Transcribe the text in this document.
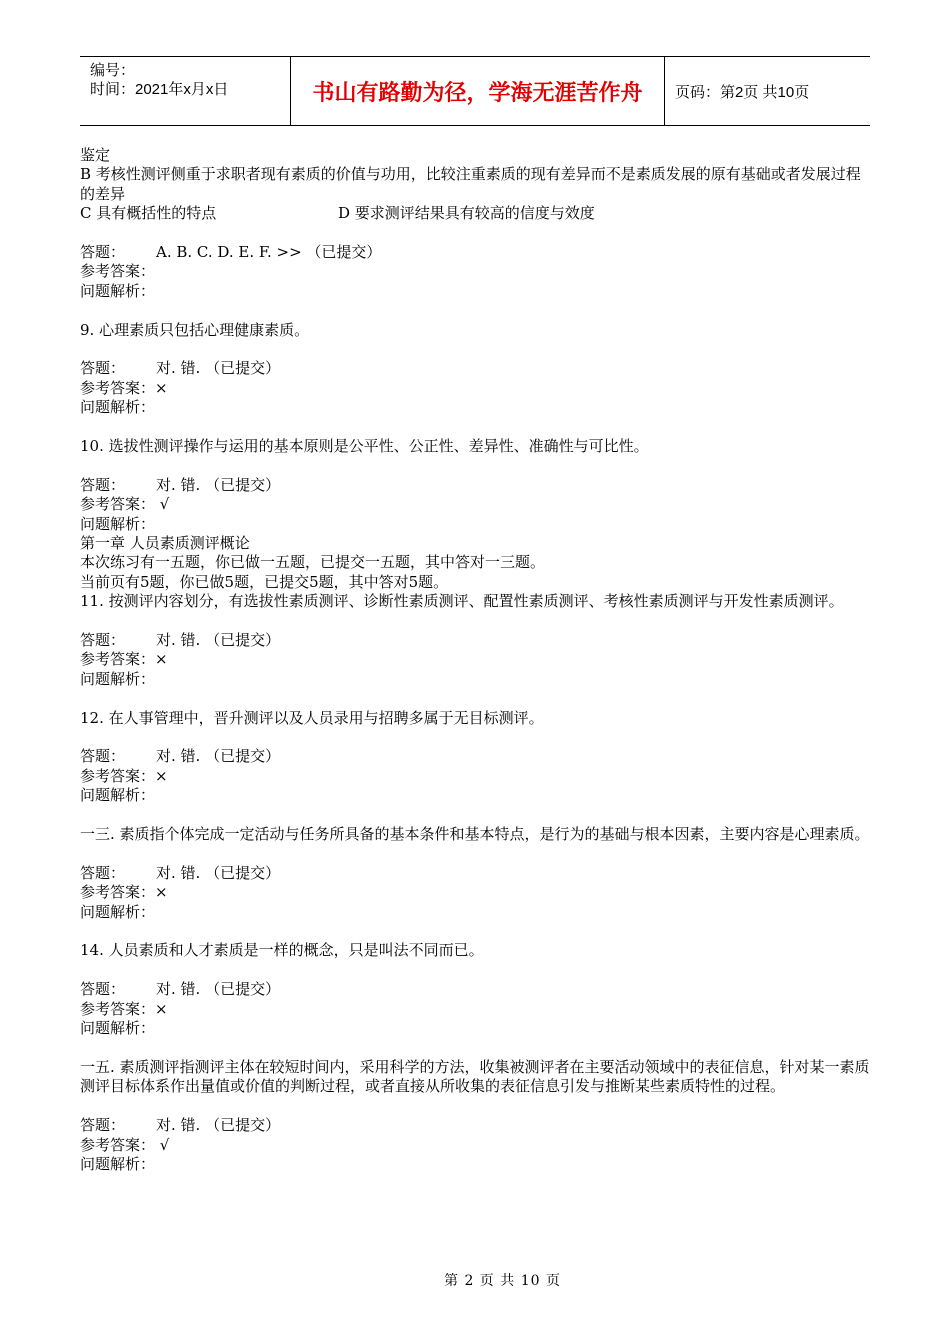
编号：
时间：2021年x月x日	书山有路勤为径，学海无涯苦作舟	页码：第2页 共10页
鉴定
B 考核性测评侧重于求职者现有素质的价值与功用，比较注重素质的现有差异而不是素质发展的原有基础或者发展过程的差异
C 具有概括性的特点	D 要求测评结果具有较高的信度与效度
答题：	A. B. C. D. E. F. >> （已提交）
参考答案：
问题解析：
9. 心理素质只包括心理健康素质。
答题：	对. 错. （已提交）
参考答案：×
问题解析：
10. 选拔性测评操作与运用的基本原则是公平性、公正性、差异性、准确性与可比性。
答题：	对. 错. （已提交）
参考答案： √
问题解析：
第一章 人员素质测评概论
本次练习有一五题，你已做一五题，已提交一五题，其中答对一三题。
当前页有5题，你已做5题，已提交5题，其中答对5题。
11. 按测评内容划分，有选拔性素质测评、诊断性素质测评、配置性素质测评、考核性素质测评与开发性素质测评。
答题：	对. 错. （已提交）
参考答案：×
问题解析：
12. 在人事管理中，晋升测评以及人员录用与招聘多属于无目标测评。
答题：	对. 错. （已提交）
参考答案：×
问题解析：
一三. 素质指个体完成一定活动与任务所具备的基本条件和基本特点，是行为的基础与根本因素，主要内容是心理素质。
答题：	对. 错. （已提交）
参考答案：×
问题解析：
14. 人员素质和人才素质是一样的概念，只是叫法不同而已。
答题：	对. 错. （已提交）
参考答案：×
问题解析：
一五. 素质测评指测评主体在较短时间内，采用科学的方法，收集被测评者在主要活动领域中的表征信息，针对某一素质测评目标体系作出量值或价值的判断过程，或者直接从所收集的表征信息引发与推断某些素质特性的过程。
答题：	对. 错. （已提交）
参考答案： √
问题解析：
第 2 页 共 10 页
